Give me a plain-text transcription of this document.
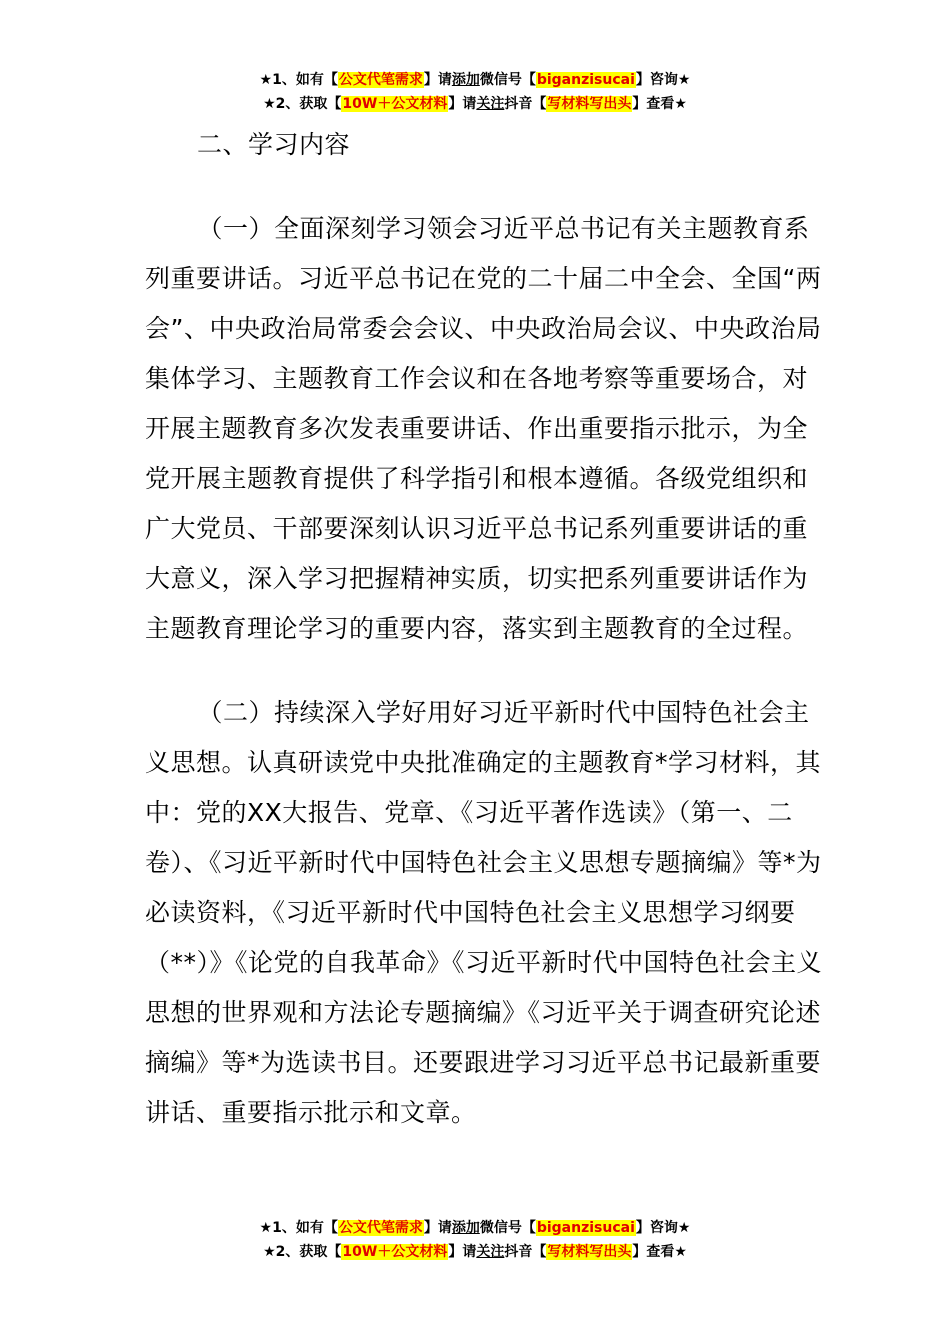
★1、如有【公文代笔需求】请添加微信号【biganzisucai】咨询★
★2、获取【10W＋公文材料】请关注抖音【写材料写出头】查看★
二、学习内容

（一）全面深刻学习领会习近平总书记有关主题教育系列重要讲话。习近平总书记在党的二十届二中全会、全国“两会”、中央政治局常委会会议、中央政治局会议、中央政治局集体学习、主题教育工作会议和在各地考察等重要场合，对开展主题教育多次发表重要讲话、作出重要指示批示，为全党开展主题教育提供了科学指引和根本遵循。各级党组织和广大党员、干部要深刻认识习近平总书记系列重要讲话的重大意义，深入学习把握精神实质，切实把系列重要讲话作为主题教育理论学习的重要内容，落实到主题教育的全过程。

（二）持续深入学好用好习近平新时代中国特色社会主义思想。认真研读党中央批准确定的主题教育*学习材料，其中：党的XX大报告、党章、《习近平著作选读》（第一、二卷）、《习近平新时代中国特色社会主义思想专题摘编》等*为必读资料，《习近平新时代中国特色社会主义思想学习纲要（**）》《论党的自我革命》《习近平新时代中国特色社会主义思想的世界观和方法论专题摘编》《习近平关于调查研究论述摘编》等*为选读书目。还要跟进学习习近平总书记最新重要讲话、重要指示批示和文章。

★1、如有【公文代笔需求】请添加微信号【biganzisucai】咨询★
★2、获取【10W＋公文材料】请关注抖音【写材料写出头】查看★
